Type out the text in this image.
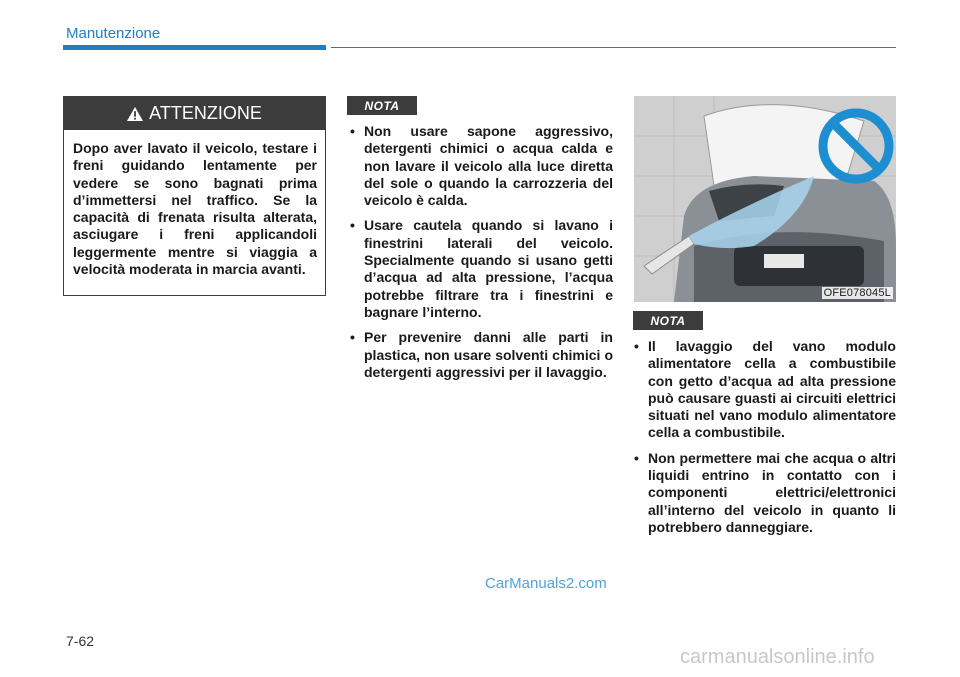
Manutenzione
ATTENZIONE
Dopo aver lavato il veicolo, testare i freni guidando lentamente per vedere se sono bagnati prima d’immettersi nel traffico. Se la capacità di frenata risulta alterata, asciugare i freni applicandoli leggermente mentre si viaggia a velocità moderata in marcia avanti.
NOTA
• Non usare sapone aggressivo, detergenti chimici o acqua calda e non lavare il veicolo alla luce diretta del sole o quando la carrozzeria del veicolo è calda.
• Usare cautela quando si lavano i finestrini laterali del veicolo. Specialmente quando si usano getti d’acqua ad alta pressione, l’acqua potrebbe filtrare tra i finestrini e bagnare l’interno.
• Per prevenire danni alle parti in plastica, non usare solventi chimici o detergenti aggressivi per il lavaggio.
OFE078045L
NOTA
• Il lavaggio del vano modulo alimentatore cella a combustibile con getto d’acqua ad alta pressione può causare guasti ai circuiti elettrici situati nel vano modulo alimentatore cella a combustibile.
• Non permettere mai che acqua o altri liquidi entrino in contatto con i componenti elettrici/elettronici all’interno del veicolo in quanto li potrebbero danneggiare.
7-62
CarManuals2.com
carmanualsonline.info
